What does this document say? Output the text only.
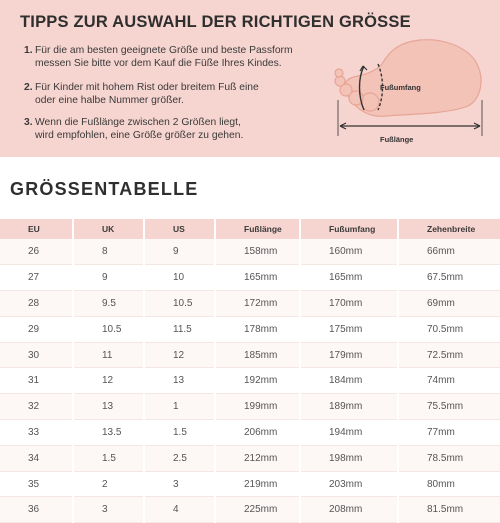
TIPPS ZUR AUSWAHL DER RICHTIGEN GRÖSSE
1. Für die am besten geeignete Größe und beste Passform
messen Sie bitte vor dem Kauf die Füße Ihres Kindes.
2. Für Kinder mit hohem Rist oder breitem Fuß eine
oder eine halbe Nummer größer.
3. Wenn die Fußlänge zwischen 2 Größen liegt,
wird empfohlen, eine Größe größer zu gehen.
Fußumfang
Fußlänge
GRÖSSENTABELLE
EU	UK	US	Fußlänge	Fußumfang	Zehenbreite
26	8	9	158mm	160mm	66mm
27	9	10	165mm	165mm	67.5mm
28	9.5	10.5	172mm	170mm	69mm
29	10.5	11.5	178mm	175mm	70.5mm
30	11	12	185mm	179mm	72.5mm
31	12	13	192mm	184mm	74mm
32	13	1	199mm	189mm	75.5mm
33	13.5	1.5	206mm	194mm	77mm
34	1.5	2.5	212mm	198mm	78.5mm
35	2	3	219mm	203mm	80mm
36	3	4	225mm	208mm	81.5mm
